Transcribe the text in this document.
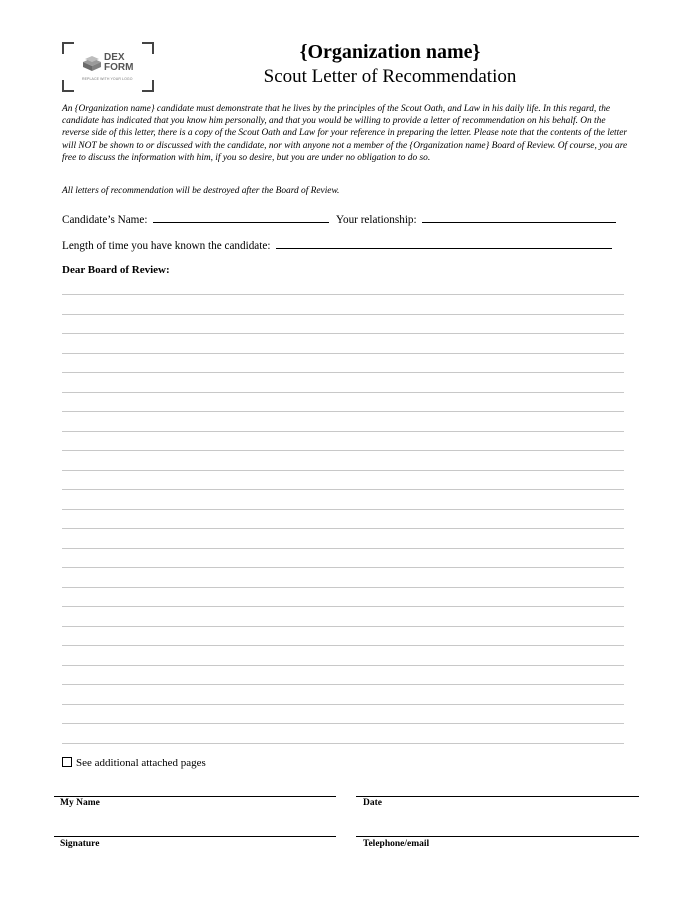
DEX
FORM
REPLACE WITH YOUR LOGO
{Organization name}
Scout Letter of Recommendation
An {Organization name} candidate must demonstrate that he lives by the principles of the Scout Oath, and Law in his daily life. In this regard, the candidate has indicated that you know him personally, and that you would be willing to provide a letter of recommendation on his behalf. On the reverse side of this letter, there is a copy of the Scout Oath and Law for your reference in preparing the letter. Please note that the contents of the letter will NOT be shown to or discussed with the candidate, nor with anyone not a member of the {Organization name} Board of Review. Of course, you are free to discuss the information with him, if you so desire, but you are under no obligation to do so.
All letters of recommendation will be destroyed after the Board of Review.
Candidate’s Name:	Your relationship:
Length of time you have known the candidate:
Dear Board of Review:
See additional attached pages
My Name	Date
Signature	Telephone/email
